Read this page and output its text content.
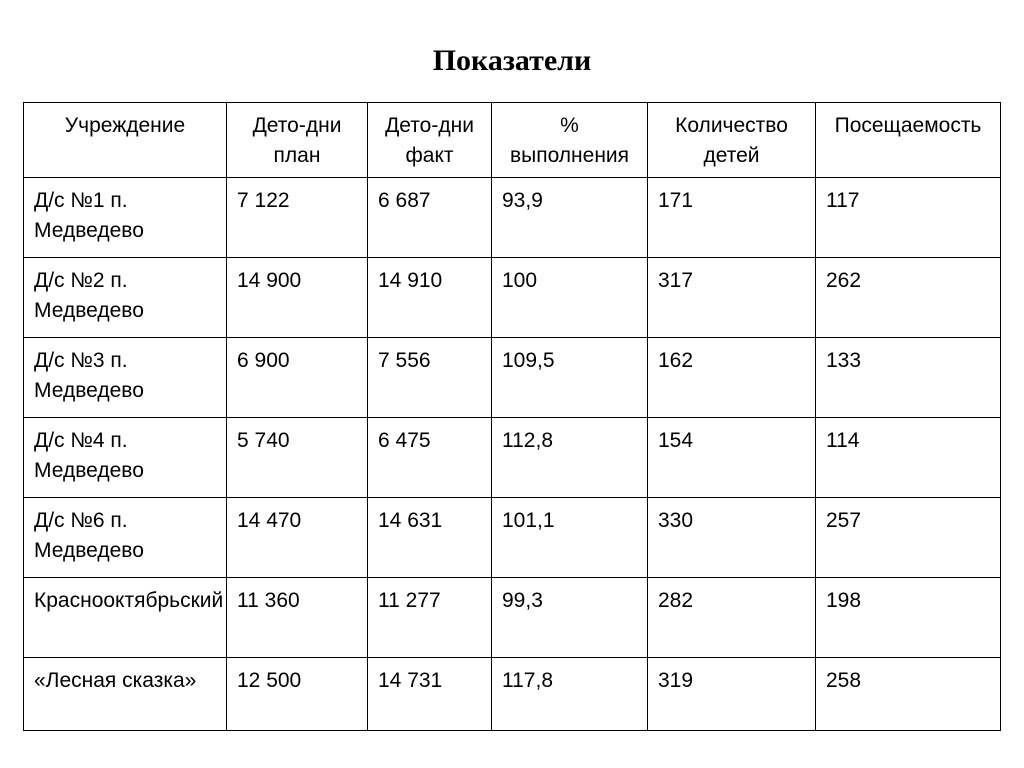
Показатели
Учреждение	Дето-дни план	Дето-дни факт	% выполнения	Количество детей	Посещаемость
Д/с №1 п. Медведево	7 122	6 687	93,9	171	117
Д/с №2 п. Медведево	14 900	14 910	100	317	262
Д/с №3 п. Медведево	6 900	7 556	109,5	162	133
Д/с №4 п. Медведево	5 740	6 475	112,8	154	114
Д/с №6 п. Медведево	14 470	14 631	101,1	330	257
Краснооктябрьский	11 360	11 277	99,3	282	198
«Лесная сказка»	12 500	14 731	117,8	319	258
